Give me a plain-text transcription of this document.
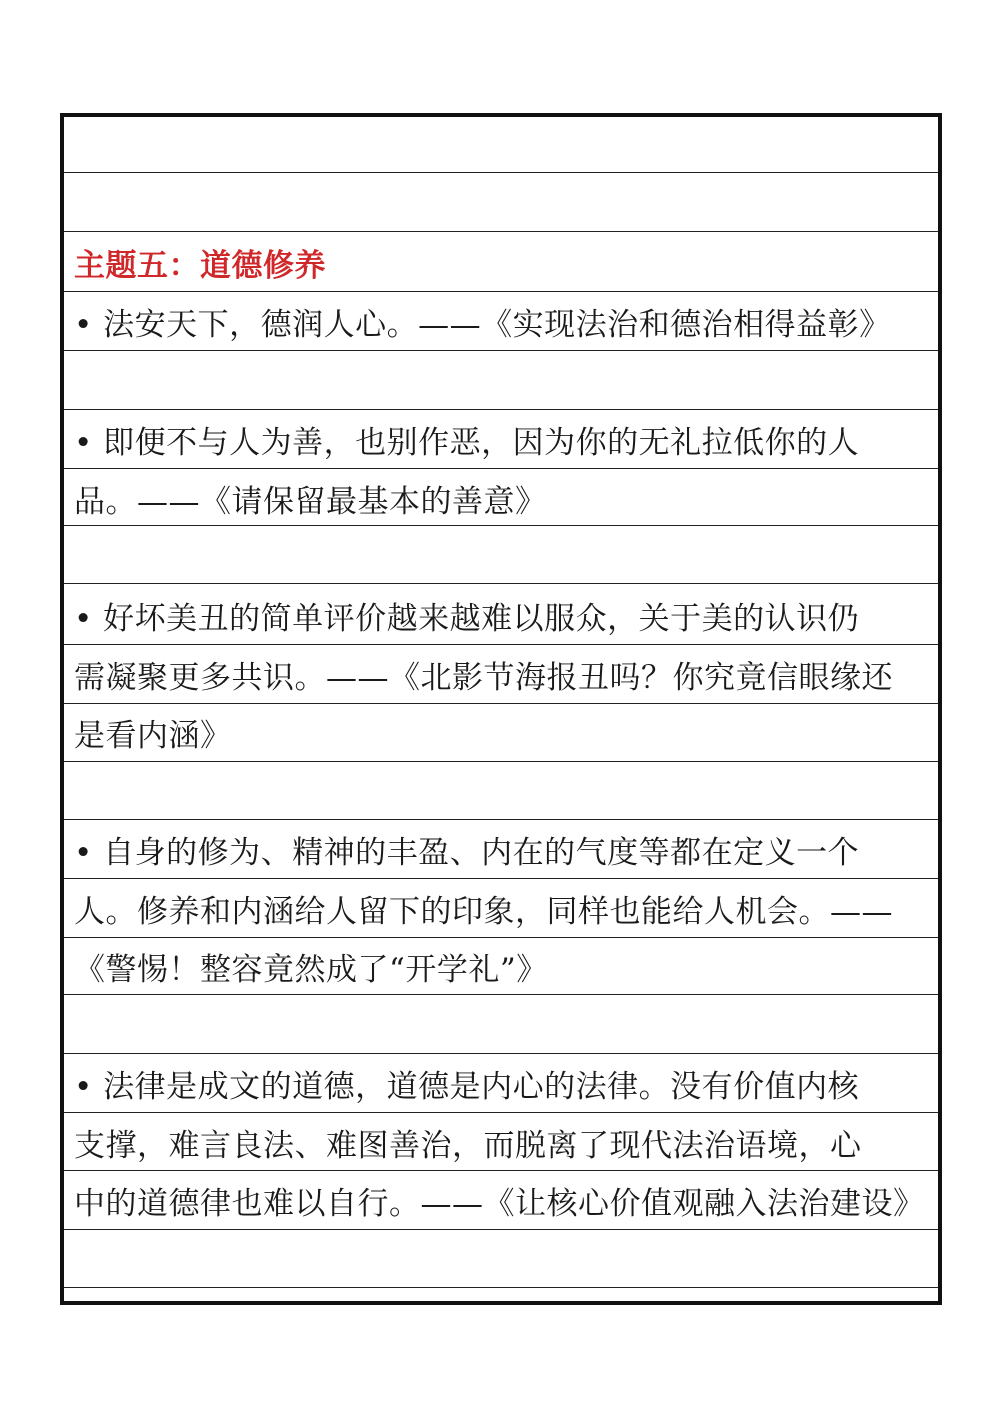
主题五：道德修养
• 法安天下，德润人心。——《实现法治和德治相得益彰》
• 即便不与人为善，也别作恶，因为你的无礼拉低你的人
品。——《请保留最基本的善意》
• 好坏美丑的简单评价越来越难以服众，关于美的认识仍
需凝聚更多共识。——《北影节海报丑吗？你究竟信眼缘还
是看内涵》
• 自身的修为、精神的丰盈、内在的气度等都在定义一个
人。修养和内涵给人留下的印象，同样也能给人机会。——
《警惕！整容竟然成了“开学礼”》
• 法律是成文的道德，道德是内心的法律。没有价值内核
支撑，难言良法、难图善治，而脱离了现代法治语境，心
中的道德律也难以自行。——《让核心价值观融入法治建设》
